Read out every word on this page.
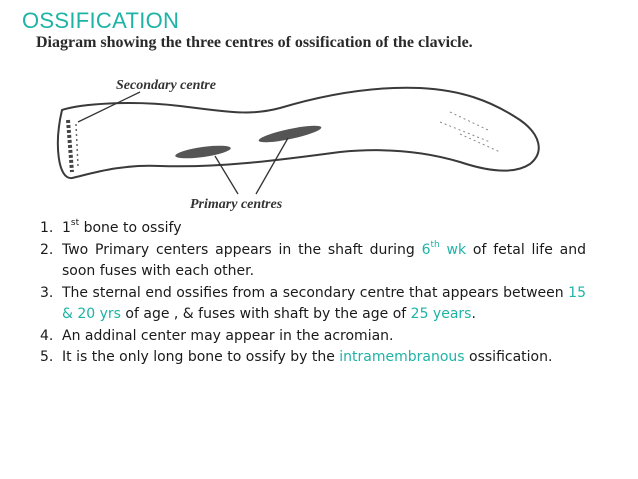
OSSIFICATION
Diagram showing the three centres of ossification of the clavicle.
Secondary centre
Primary centres
1. 1st bone to ossify
2. Two Primary centers appears in the shaft during 6th wk of fetal life and soon fuses with each other.
3. The sternal end ossifies from a secondary centre that appears between 15 & 20 yrs of age , & fuses with shaft by the age of 25 years.
4. An addinal center may appear in the acromian.
5. It is the only long bone to ossify by the intramembranous ossification.
